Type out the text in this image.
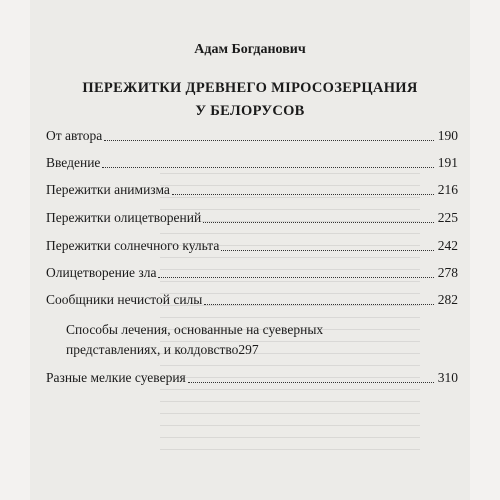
Адам Богданович
ПЕРЕЖИТКИ ДРЕВНЕГО МIРОСОЗЕРЦАНИЯ
У БЕЛОРУСОВ
От автора	190
Введение	191
Пережитки анимизма	216
Пережитки олицетворений	225
Пережитки солнечного культа	242
Олицетворение зла	278
Сообщники нечистой силы	282
Способы лечения, основанные на суеверных
представлениях, и колдовство 297
Разные мелкие суеверия	310
